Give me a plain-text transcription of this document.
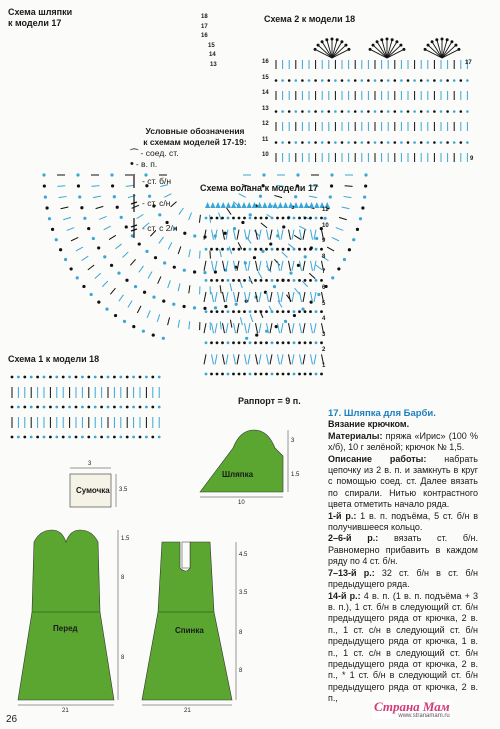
Схема шляпки
к модели 17
18
17
16
15
14
13
Условные обозначения
к схемам моделей 17-19:
⌒ - соед. ст.
• - в. п.
- ст. б/н
- ст. с/н
- ст. с 2/н
Схема 2 к модели 18
16
15
14
13
12
11
10
17
9
Схема волана к модели 17
11
10
9
8
7
6
5
4
3
2
1
Раппорт = 9 п.
Схема 1 к модели 18
Шляпка
3
1.5
10
Сумочка
3
3.5
Перед
1.5
8
8
21
Спинка
4.5
3.5
8
8
21
17. Шляпка для Барби.
Вязание крючком.
Материалы: пряжа «Ирис» (100 % х/б), 10 г зелёной; крючок № 1,5.
Описание работы: набрать цепочку из 2 в. п. и замкнуть в круг с помощью соед. ст. Далее вязать по спирали. Нитью контрастного цвета отметить начало ряда.
1-й р.: 1 в. п. подъёма, 5 ст. б/н в получившееся кольцо.
2–6-й р.: вязать ст. б/н. Равномерно прибавить в каждом ряду по 4 ст. б/н.
7–13-й р.: 32 ст. б/н в ст. б/н предыдущего ряда.
14-й р.: 4 в. п. (1 в. п. подъёма + 3 в. п.), 1 ст. б/н в следующий ст. б/н предыдущего ряда от крючка, 2 в. п., 1 ст. с/н в следующий ст. б/н предыдущего ряда от крючка, 1 в. п., 1 ст. с/н в следующий ст. б/н предыдущего ряда от крючка, 2 в. п., * 1 ст. б/н в следующий ст. б/н предыдущего ряда от крючка, 2 в. п.,
Страна Мам
www.stranamam.ru
26
